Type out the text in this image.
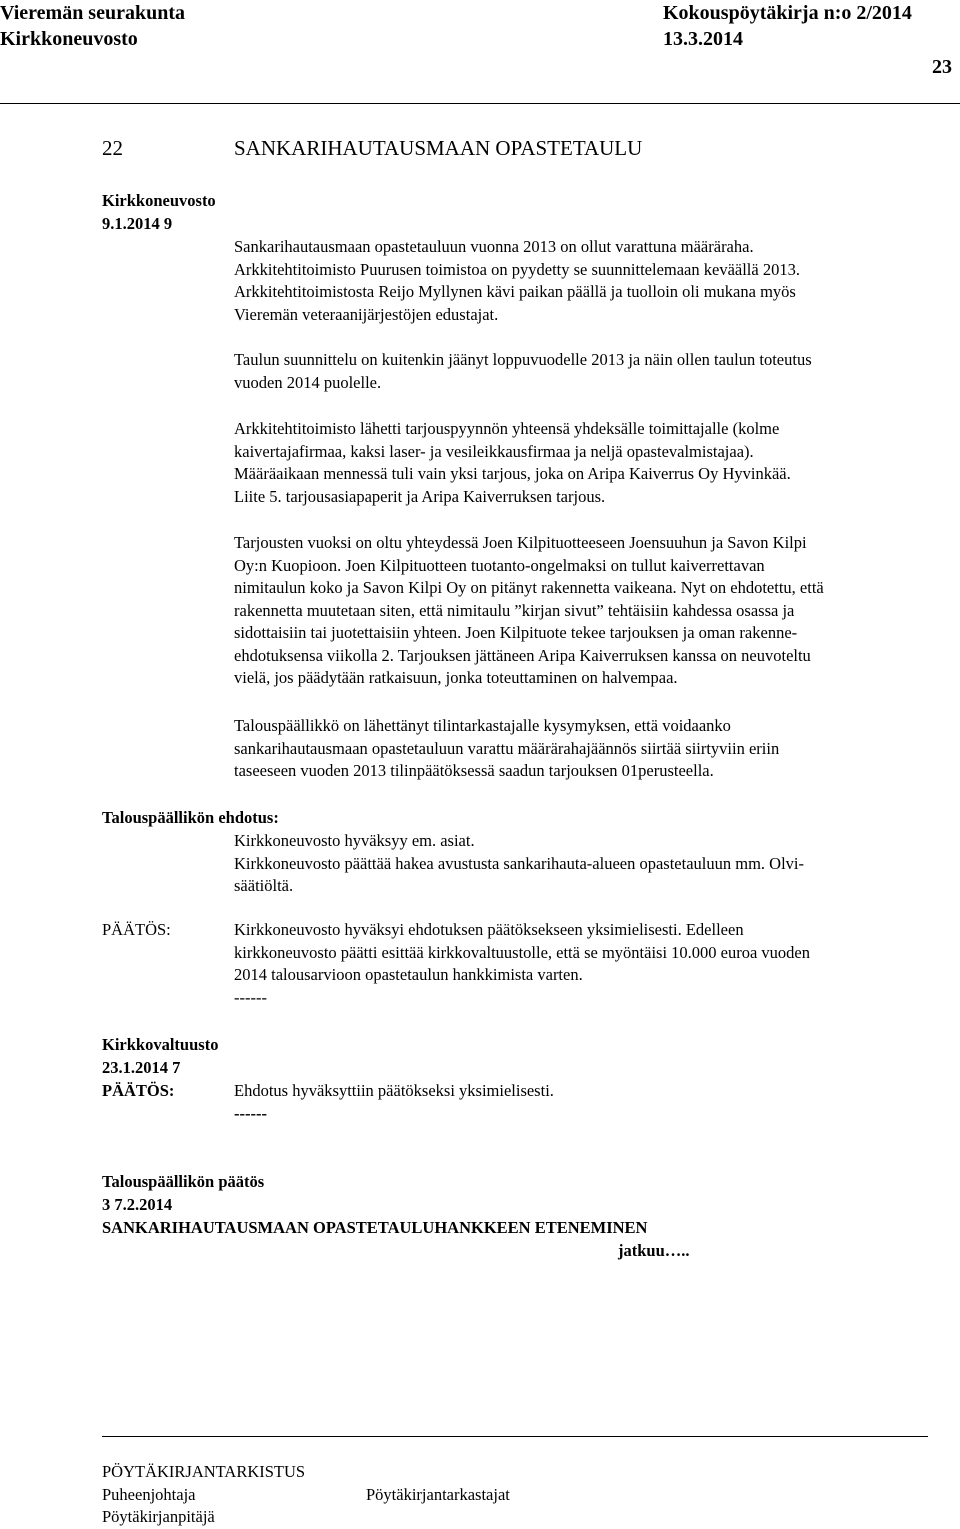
Vieremän seurakunta	Kokouspöytäkirja n:o 2/2014
Kirkkoneuvosto	13.3.2014
23
22	SANKARIHAUTAUSMAAN OPASTETAULU
Kirkkoneuvosto
9.1.2014 9
Sankarihautausmaan opastetauluun vuonna 2013 on ollut varattuna määräraha.
Arkkitehtitoimisto Puurusen toimistoa on pyydetty se suunnittelemaan keväällä 2013.
Arkkitehtitoimistosta Reijo Myllynen kävi paikan päällä ja tuolloin oli mukana myös
Vieremän veteraanijärjestöjen edustajat.
Taulun suunnittelu on kuitenkin jäänyt loppuvuodelle 2013 ja näin ollen taulun toteutus
vuoden 2014 puolelle.
Arkkitehtitoimisto lähetti tarjouspyynnön yhteensä yhdeksälle toimittajalle (kolme
kaivertajafirmaa, kaksi laser- ja vesileikkausfirmaa ja neljä opastevalmistajaa).
Määräaikaan mennessä tuli vain yksi tarjous, joka on Aripa Kaiverrus Oy Hyvinkää.
Liite 5. tarjousasiapaperit ja Aripa Kaiverruksen tarjous.
Tarjousten vuoksi on oltu yhteydessä Joen Kilpituotteeseen Joensuuhun ja Savon Kilpi
Oy:n Kuopioon. Joen Kilpituotteen tuotanto-ongelmaksi on tullut kaiverrettavan
nimitaulun koko ja Savon Kilpi Oy on pitänyt rakennetta vaikeana. Nyt on ehdotettu, että
rakennetta muutetaan siten, että nimitaulu ”kirjan sivut” tehtäisiin kahdessa osassa ja
sidottaisiin tai juotettaisiin yhteen. Joen Kilpituote tekee tarjouksen ja oman rakenne-
ehdotuksensa viikolla 2. Tarjouksen jättäneen Aripa Kaiverruksen kanssa on neuvoteltu
vielä, jos päädytään ratkaisuun, jonka toteuttaminen on halvempaa.
Talouspäällikkö on lähettänyt tilintarkastajalle kysymyksen, että voidaanko
sankarihautausmaan opastetauluun varattu määrärahajäännös siirtää siirtyviin eriin
taseeseen vuoden 2013 tilinpäätöksessä saadun tarjouksen 01perusteella.
Talouspäällikön ehdotus:
Kirkkoneuvosto hyväksyy em. asiat.
Kirkkoneuvosto päättää hakea avustusta sankarihauta-alueen opastetauluun mm. Olvi-
säätiöltä.
PÄÄTÖS:	Kirkkoneuvosto hyväksyi ehdotuksen päätöksekseen yksimielisesti. Edelleen
kirkkoneuvosto päätti esittää kirkkovaltuustolle, että se myöntäisi 10.000 euroa vuoden
2014 talousarvioon opastetaulun hankkimista varten.
------
Kirkkovaltuusto
23.1.2014 7
PÄÄTÖS:	Ehdotus hyväksyttiin päätökseksi yksimielisesti.
------
Talouspäällikön päätös
3 7.2.2014
SANKARIHAUTAUSMAAN OPASTETAULUHANKKEEN ETENEMINEN
jatkuu…..
PÖYTÄKIRJANTARKISTUS
Puheenjohtaja	Pöytäkirjantarkastajat
Pöytäkirjanpitäjä
